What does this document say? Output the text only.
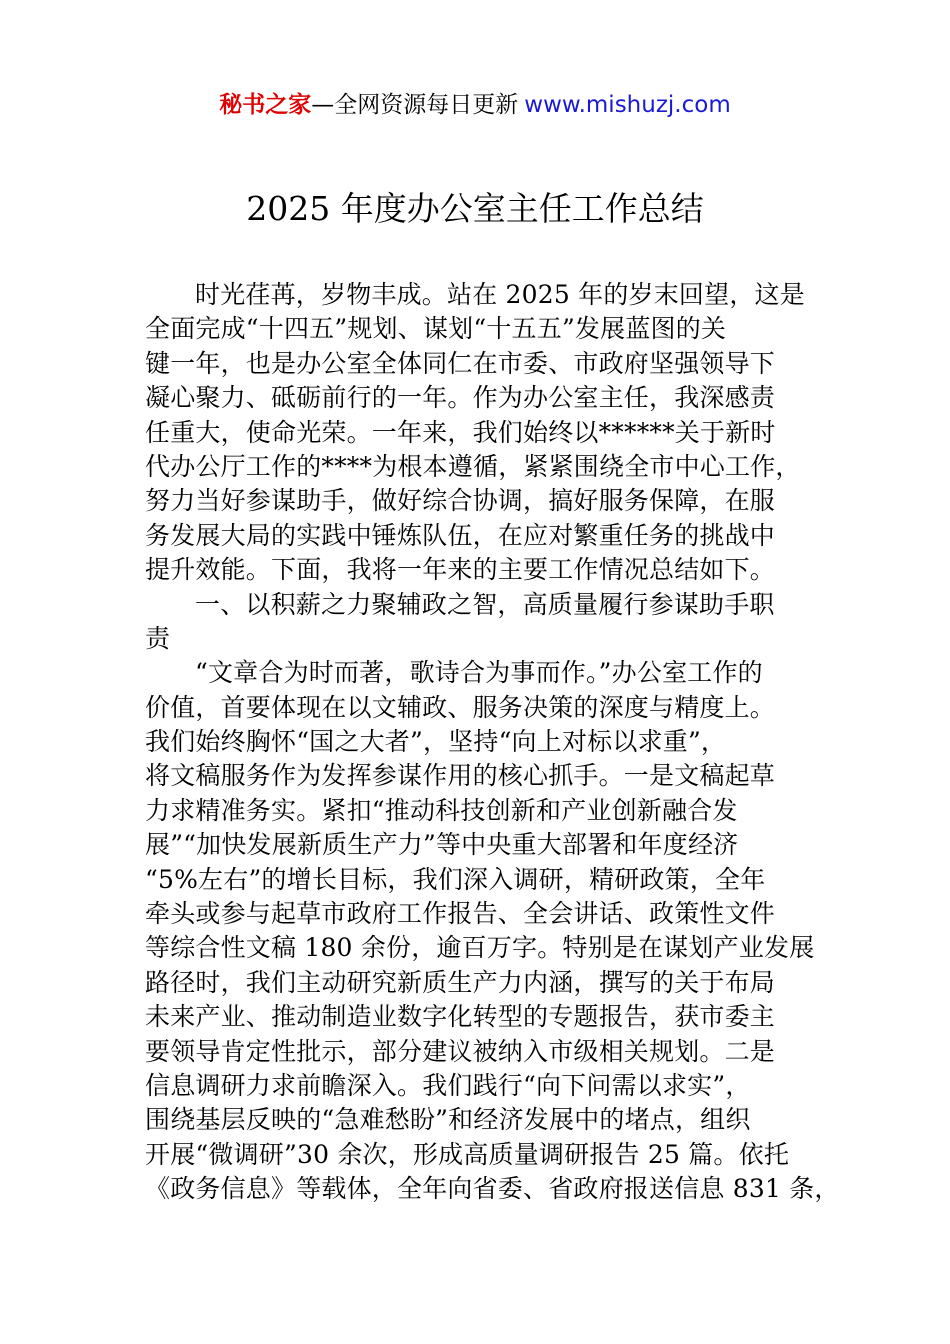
秘书之家—全网资源每日更新 www.mishuzj.com
2025 年度办公室主任工作总结
时光荏苒，岁物丰成。站在 2025 年的岁末回望，这是
全面完成“十四五”规划、谋划“十五五”发展蓝图的关
键一年，也是办公室全体同仁在市委、市政府坚强领导下
凝心聚力、砥砺前行的一年。作为办公室主任，我深感责
任重大，使命光荣。一年来，我们始终以******关于新时
代办公厅工作的****为根本遵循，紧紧围绕全市中心工作，
努力当好参谋助手，做好综合协调，搞好服务保障，在服
务发展大局的实践中锤炼队伍，在应对繁重任务的挑战中
提升效能。下面，我将一年来的主要工作情况总结如下。
一、以积薪之力聚辅政之智，高质量履行参谋助手职
责
“文章合为时而著，歌诗合为事而作。”办公室工作的
价值，首要体现在以文辅政、服务决策的深度与精度上。
我们始终胸怀“国之大者”，坚持“向上对标以求重”，
将文稿服务作为发挥参谋作用的核心抓手。一是文稿起草
力求精准务实。紧扣“推动科技创新和产业创新融合发
展”“加快发展新质生产力”等中央重大部署和年度经济
“5%左右”的增长目标，我们深入调研，精研政策，全年
牵头或参与起草市政府工作报告、全会讲话、政策性文件
等综合性文稿 180 余份，逾百万字。特别是在谋划产业发展
路径时，我们主动研究新质生产力内涵，撰写的关于布局
未来产业、推动制造业数字化转型的专题报告，获市委主
要领导肯定性批示，部分建议被纳入市级相关规划。二是
信息调研力求前瞻深入。我们践行“向下问需以求实”，
围绕基层反映的“急难愁盼”和经济发展中的堵点，组织
开展“微调研”30 余次，形成高质量调研报告 25 篇。依托
《政务信息》等载体，全年向省委、省政府报送信息 831 条，
